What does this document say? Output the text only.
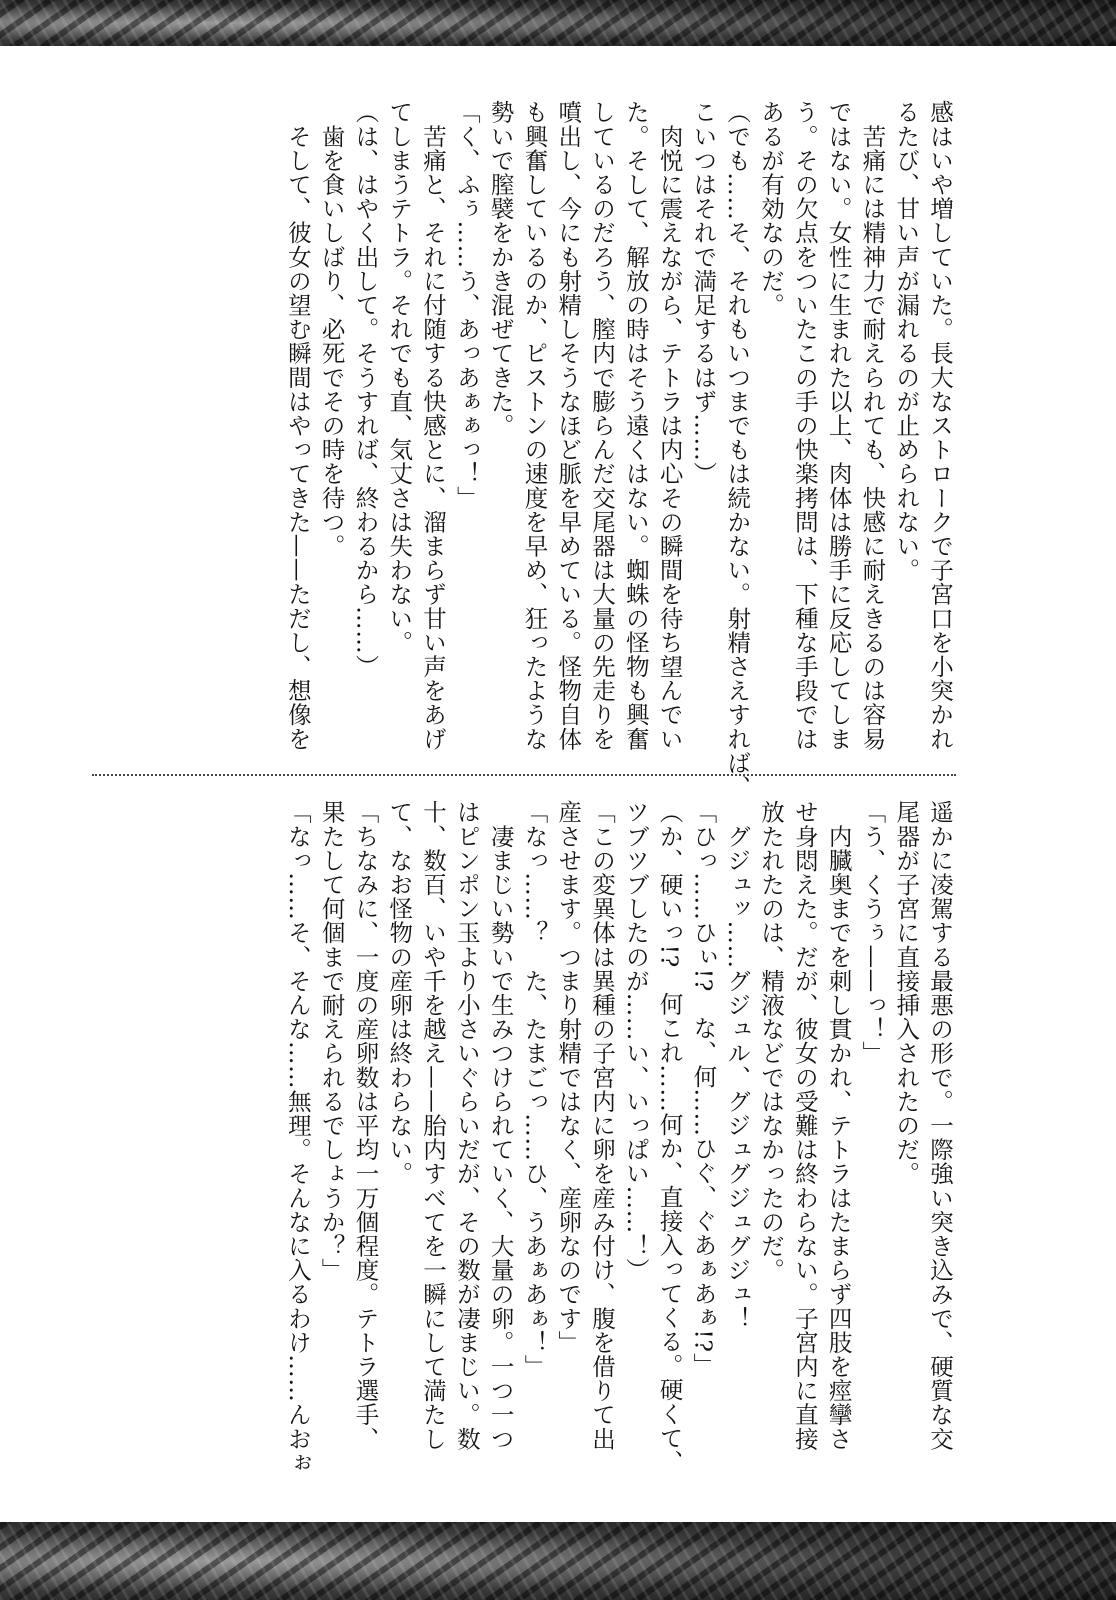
感はいや増していた。長大なストロークで子宮口を小突かれ
るたび、甘い声が漏れるのが止められない。
　苦痛には精神力で耐えられても、快感に耐えきるのは容易
ではない。女性に生まれた以上、肉体は勝手に反応してしま
う。その欠点をついたこの手の快楽拷問は、下種な手段では
あるが有効なのだ。
（でも……そ、それもいつまでもは続かない。射精さえすれば、
こいつはそれで満足するはず……）
　肉悦に震えながら、テトラは内心その瞬間を待ち望んでい
た。そして、解放の時はそう遠くはない。蜘蛛の怪物も興奮
しているのだろう、膣内で膨らんだ交尾器は大量の先走りを
噴出し、今にも射精しそうなほど脈を早めている。怪物自体
も興奮しているのか、ピストンの速度を早め、狂ったような
勢いで膣襞をかき混ぜてきた。
「く、ふぅ……う、あっあぁぁっ！」
　苦痛と、それに付随する快感とに、溜まらず甘い声をあげ
てしまうテトラ。それでも直、気丈さは失わない。
（は、はやく出して。そうすれば、終わるから……）
　歯を食いしばり、必死でその時を待つ。
　そして、彼女の望む瞬間はやってきた——ただし、想像を
遥かに凌駕する最悪の形で。一際強い突き込みで、硬質な交
尾器が子宮に直接挿入されたのだ。
「う、くうぅ——っ！」
　内臓奥までを刺し貫かれ、テトラはたまらず四肢を痙攣さ
せ身悶えた。だが、彼女の受難は終わらない。子宮内に直接
放たれたのは、精液などではなかったのだ。
　グジュッ……グジュル、グジュグジュグジュ！
「ひっ……ひぃ!?　な、何……ひぐ、ぐあぁあぁ!?」
（か、硬いっ!?　何これ……何か、直接入ってくる。硬くて、
ツブツブしたのが……い、いっぱい……！）
「この変異体は異種の子宮内に卵を産み付け、腹を借りて出
産させます。つまり射精ではなく、産卵なのです」
「なっ……？　た、たまごっ……ひ、うあぁあぁ！」
　凄まじい勢いで生みつけられていく、大量の卵。一つ一つ
はピンポン玉より小さいぐらいだが、その数が凄まじい。数
十、数百、いや千を越え——胎内すべてを一瞬にして満たし
て、なお怪物の産卵は終わらない。
「ちなみに、一度の産卵数は平均一万個程度。テトラ選手、
果たして何個まで耐えられるでしょうか？」
「なっ……そ、そんな……無理。そんなに入るわけ……んおぉ
